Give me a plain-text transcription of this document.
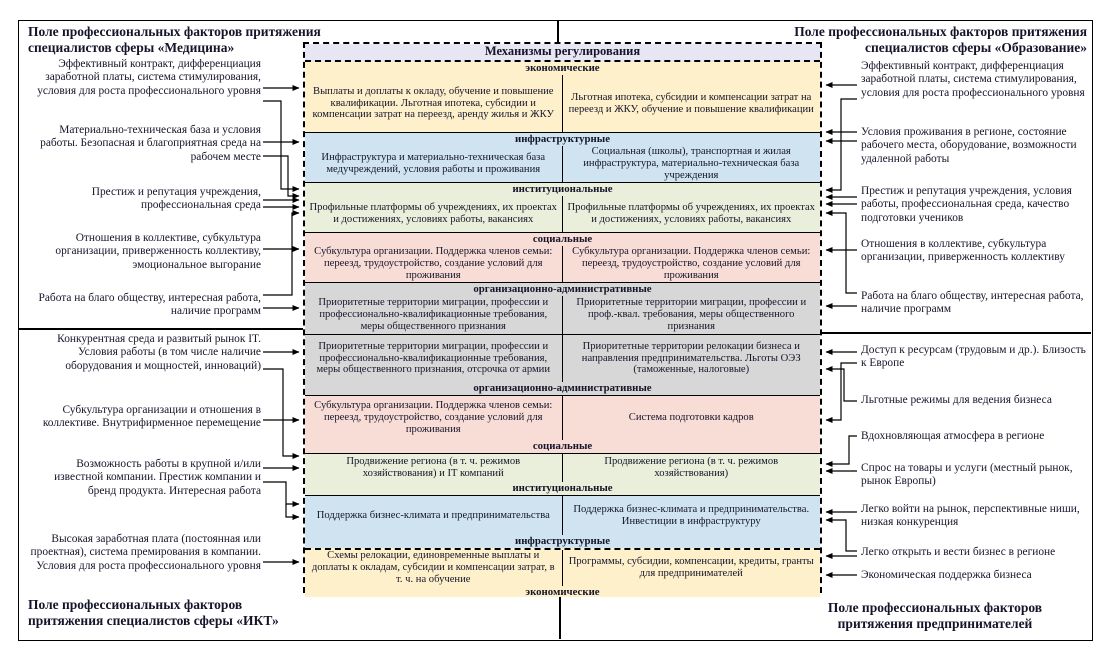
Поле профессиональных факторов притяжения
специалистов сферы «Медицина»
Поле профессиональных факторов притяжения
специалистов сферы «Образование»
Поле профессиональных факторов
притяжения специалистов сферы «ИКТ»
Поле профессиональных факторов
притяжения предпринимателей
Эффективный контракт, дифференциация заработной платы, система стимулирования, условия для роста профессионального уровня
Материально-техническая база и условия работы. Безопасная и благоприятная среда на рабочем месте
Престиж и репутация учреждения, профессиональная среда
Отношения в коллективе, субкультура организации, приверженность коллективу, эмоциональное выгорание
Работа на благо обществу, интересная работа, наличие программ
Конкурентная среда и развитый рынок IT. Условия работы (в том числе наличие оборудования и мощностей, инноваций)
Субкультура организации и отношения в коллективе. Внутрифирменное перемещение
Возможность работы в крупной и/или известной компании. Престиж компании и бренд продукта. Интересная работа
Высокая заработная плата (постоянная или проектная), система премирования в компании. Условия для роста профессионального уровня
Эффективный контракт, дифференциация заработной платы, система стимулирования, условия для роста профессионального уровня
Условия проживания в регионе, состояние рабочего места, оборудование, возможности удаленной работы
Престиж и репутация учреждения, условия работы, профессиональная среда, качество подготовки учеников
Отношения в коллективе, субкультура организации, приверженность коллективу
Работа на благо обществу, интересная работа, наличие программ
Доступ к ресурсам (трудовым и др.). Близость к Европе
Льготные режимы для ведения бизнеса
Вдохновляющая атмосфера в регионе
Спрос на товары и услуги (местный рынок, рынок Европы)
Легко войти на рынок, перспективные ниши, низкая конкуренция
Легко открыть и вести бизнес в регионе
Экономическая поддержка бизнеса
Механизмы регулирования
экономические
Выплаты и доплаты к окладу, обучение и повышение квалификации. Льготная ипотека, субсидии и компенсации затрат на переезд, аренду жилья и ЖКУ
Льготная ипотека, субсидии и компенсации затрат на переезд и ЖКУ, обучение и повышение квалификации
инфраструктурные
Инфраструктура и материально-техническая база медучреждений, условия работы и проживания
Социальная (школы), транспортная и жилая инфраструктура, материально-техническая база учреждения
институциональные
Профильные платформы об учреждениях, их проектах и достижениях, условиях работы, вакансиях
Профильные платформы об учреждениях, их проектах и достижениях, условиях работы, вакансиях
социальные
Субкультура организации. Поддержка членов семьи: переезд, трудоустройство, создание условий для проживания
Субкультура организации. Поддержка членов семьи: переезд, трудоустройство, создание условий для проживания
организационно-административные
Приоритетные территории миграции, профессии и профессионально-квалификационные требования, меры общественного признания
Приоритетные территории миграции, профессии и проф.-квал. требования, меры общественного признания
Приоритетные территории миграции, профессии и профессионально-квалификационные требования, меры общественного признания, отсрочка от армии
Приоритетные территории релокации бизнеса и направления предпринимательства. Льготы ОЭЗ (таможенные, налоговые)
организационно-административные
Субкультура организации. Поддержка членов семьи: переезд, трудоустройство, создание условий для проживания
Система подготовки кадров
социальные
Продвижение региона (в т. ч. режимов хозяйствования) и IT компаний
Продвижение региона (в т. ч. режимов хозяйствования)
институциональные
Поддержка бизнес-климата и предпринимательства
Поддержка бизнес-климата и предпринимательства. Инвестиции в инфраструктуру
инфраструктурные
Схемы релокации, единовременные выплаты и доплаты к окладам, субсидии и компенсации затрат, в т. ч. на обучение
Программы, субсидии, компенсации, кредиты, гранты для предпринимателей
экономические
